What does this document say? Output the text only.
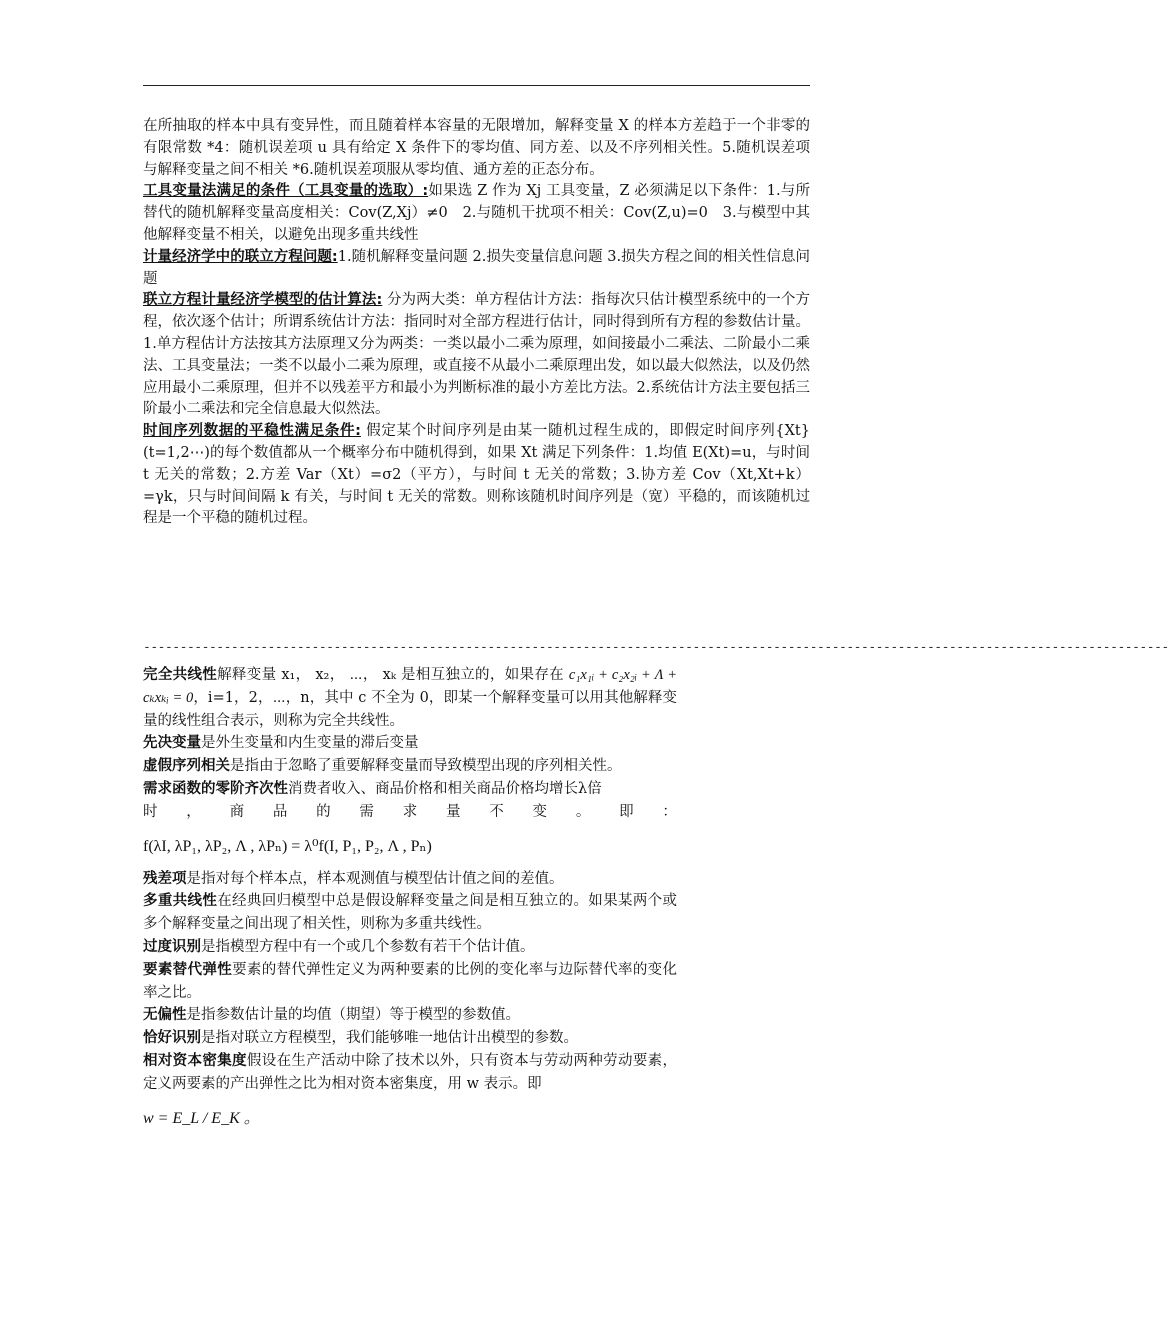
在所抽取的样本中具有变异性，而且随着样本容量的无限增加，解释变量 X 的样本方差趋于一个非零的有限常数 *4：随机误差项 u 具有给定 X 条件下的零均值、同方差、以及不序列相关性。5.随机误差项与解释变量之间不相关 *6.随机误差项服从零均值、通方差的正态分布。

工具变量法满足的条件（工具变量的选取）:如果选 Z 作为 Xj 工具变量，Z 必须满足以下条件：1.与所替代的随机解释变量高度相关：Cov(Z,Xj）≠0　2.与随机干扰项不相关：Cov(Z,u)=0　3.与模型中其他解释变量不相关，以避免出现多重共线性

计量经济学中的联立方程问题:1.随机解释变量问题 2.损失变量信息问题 3.损失方程之间的相关性信息问题

联立方程计量经济学模型的估计算法: 分为两大类：单方程估计方法：指每次只估计模型系统中的一个方程，依次逐个估计；所谓系统估计方法：指同时对全部方程进行估计，同时得到所有方程的参数估计量。1.单方程估计方法按其方法原理又分为两类：一类以最小二乘为原理，如间接最小二乘法、二阶最小二乘法、工具变量法；一类不以最小二乘为原理，或直接不从最小二乘原理出发，如以最大似然法，以及仍然应用最小二乘原理，但并不以残差平方和最小为判断标准的最小方差比方法。2.系统估计方法主要包括三阶最小二乘法和完全信息最大似然法。

时间序列数据的平稳性满足条件: 假定某个时间序列是由某一随机过程生成的，即假定时间序列{Xt}(t=1,2⋯)的每个数值都从一个概率分布中随机得到，如果 Xt 满足下列条件：1.均值 E(Xt)=u，与时间 t 无关的常数；2.方差 Var（Xt）=σ2（平方），与时间 t 无关的常数；3.协方差 Cov（Xt,Xt+k）=γk，只与时间间隔 k 有关，与时间 t 无关的常数。则称该随机时间序列是（宽）平稳的，而该随机过程是一个平稳的随机过程。

--------------------------------------------------------------------------------------------------------------------------------------------

完全共线性解释变量 x₁， x₂， ⋯， xₖ 是相互独立的，如果存在 c₁x₁ᵢ + c₂x₂ᵢ + Λ + cₖxₖᵢ = 0，i=1，2，⋯，n，其中 c 不全为 0，即某一个解释变量可以用其他解释变量的线性组合表示，则称为完全共线性。

先决变量是外生变量和内生变量的滞后变量

虚假序列相关是指由于忽略了重要解释变量而导致模型出现的序列相关性。

需求函数的零阶齐次性消费者收入、商品价格和相关商品价格均增长λ倍

时 ， 商 品 的 需 求 量 不 变 。 即 ：
f(λI, λP₁, λP₂, Λ , λPₙ) = λ⁰f(I, P₁, P₂, Λ , Pₙ)

残差项是指对每个样本点，样本观测值与模型估计值之间的差值。

多重共线性在经典回归模型中总是假设解释变量之间是相互独立的。如果某两个或多个解释变量之间出现了相关性，则称为多重共线性。

过度识别是指模型方程中有一个或几个参数有若干个估计值。

要素替代弹性要素的替代弹性定义为两种要素的比例的变化率与边际替代率的变化率之比。

无偏性是指参数估计量的均值（期望）等于模型的参数值。

恰好识别是指对联立方程模型，我们能够唯一地估计出模型的参数。

相对资本密集度假设在生产活动中除了技术以外，只有资本与劳动两种劳动要素，定义两要素的产出弹性之比为相对资本密集度，用 w 表示。即

w = E_L / E_K 。
